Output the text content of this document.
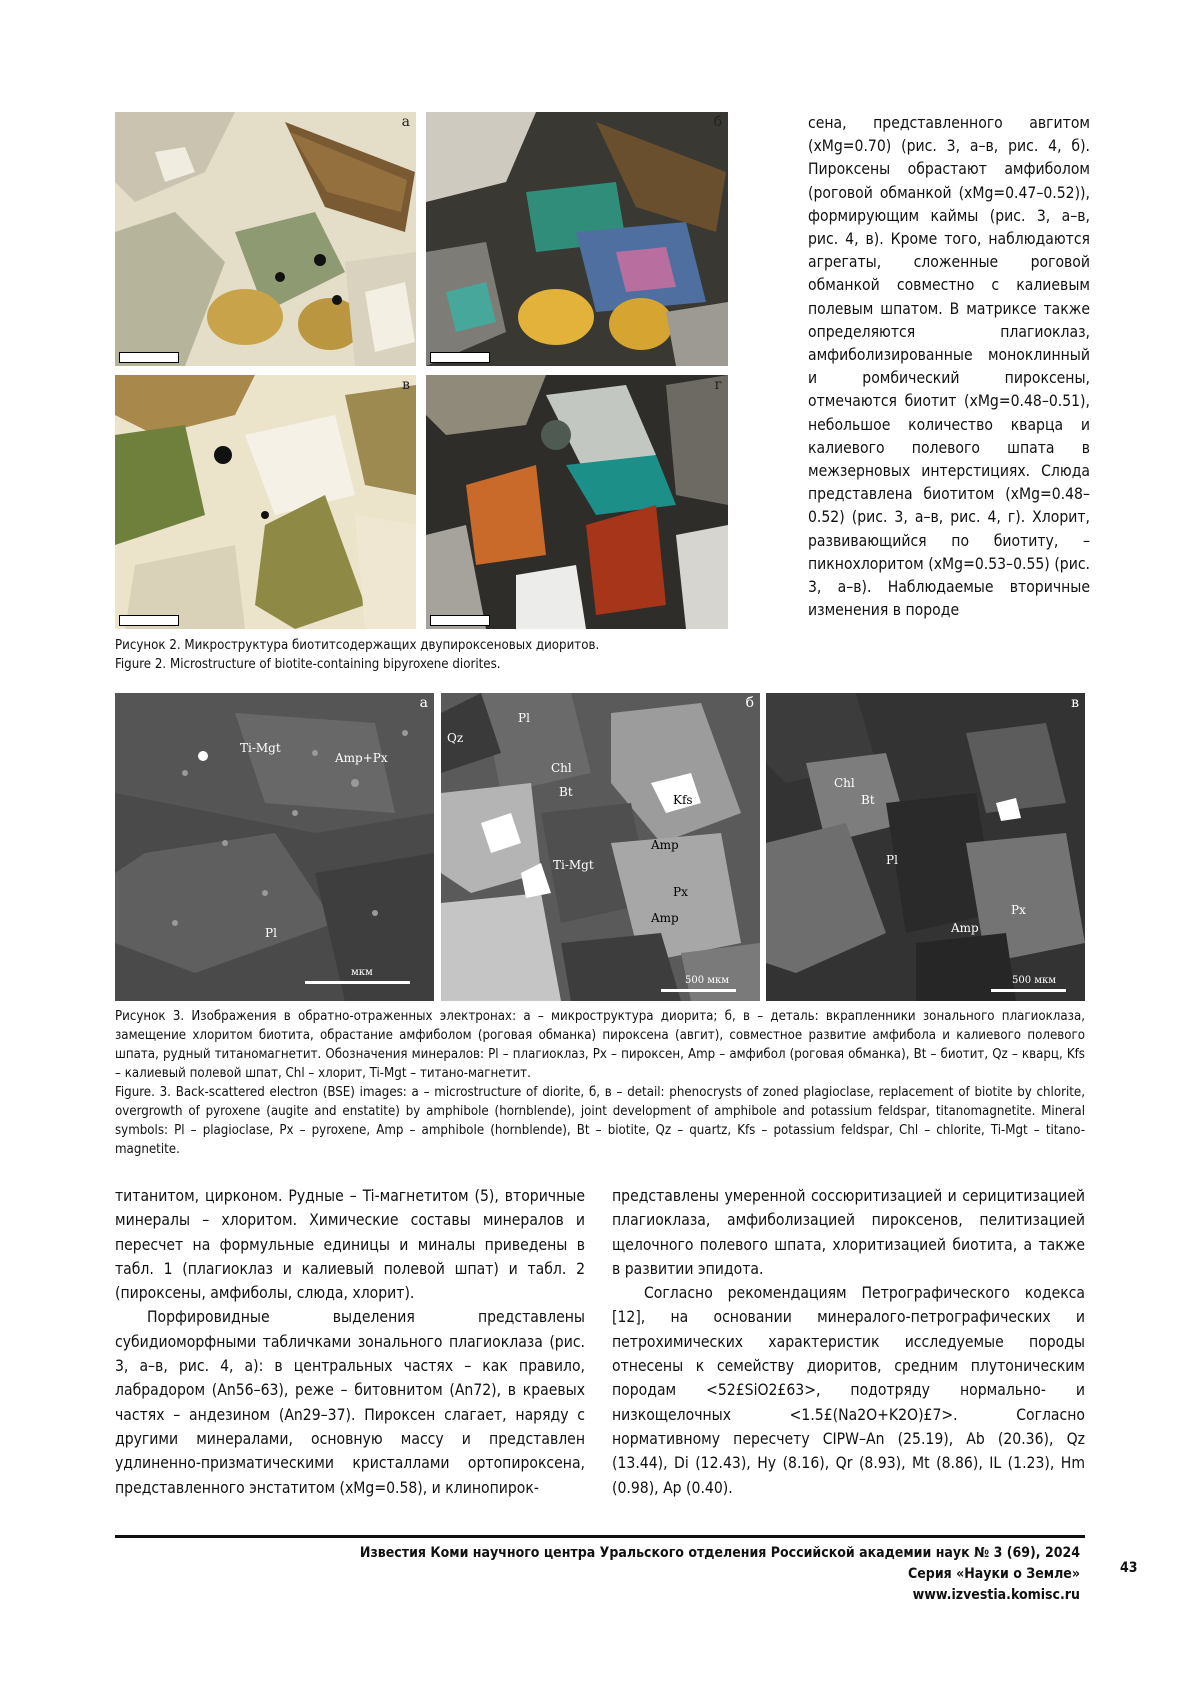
а	б
в	г

сена, представленного авгитом (xMg=0.70) (рис. 3, а–в, рис. 4, б). Пироксены обрастают амфиболом (роговой обманкой (xMg=0.47–0.52)), формирующим каймы (рис. 3, а–в, рис. 4, в). Кроме того, наблюдаются агрегаты, сложенные роговой обманкой совместно с калиевым полевым шпатом. В матриксе также определяются плагиоклаз, амфиболизированные моноклинный и ромбический пироксены, отмечаются биотит (xMg=0.48–0.51), небольшое количество кварца и калиевого полевого шпата в межзерновых интерстициях. Слюда представлена биотитом (xMg=0.48–0.52) (рис. 3, а–в, рис. 4, г). Хлорит, развивающийся по биотиту, – пикнохлоритом (xMg=0.53–0.55) (рис. 3, а–в). Наблюдаемые вторичные изменения в породе

Рисунок 2. Микроструктура биотитсодержащих двупироксеновых диоритов.

Figure 2. Microstructure of biotite-containing bipyroxene diorites.

а
Ti-Mgt
Amp+Px
Pl
мкм
б
Qz
Pl
Chl
Bt
Kfs
Amp
Ti-Mgt
Px
Amp
500 мкм
в
Chl
Bt
Pl
Px
Amp
500 мкм

Рисунок 3. Изображения в обратно-отраженных электронах: а – микроструктура диорита; б, в – деталь: вкрапленники зонального плагиоклаза, замещение хлоритом биотита, обрастание амфиболом (роговая обманка) пироксена (авгит), совместное развитие амфибола и калиевого полевого шпата, рудный титаномагнетит. Обозначения минералов: Pl – плагиоклаз, Px – пироксен, Amp – амфибол (роговая обманка), Bt – биотит, Qz – кварц, Kfs – калиевый полевой шпат, Chl – хлорит, Ti-Mgt – титано-магнетит.

Figure. 3. Back-scattered electron (BSE) images: а – microstructure of diorite, б, в – detail: phenocrysts of zoned plagioclase, replacement of biotite by chlorite, overgrowth of pyroxene (augite and enstatite) by amphibole (hornblende), joint development of amphibole and potassium feldspar, titanomagnetite. Mineral symbols: Pl – plagioclase, Px – pyroxene, Amp – amphibole (hornblende), Bt – biotite, Qz – quartz, Kfs – potassium feldspar, Chl – chlorite, Ti-Mgt – titano-magnetite.

титанитом, цирконом. Рудные – Ti-магнетитом (5), вторичные минералы – хлоритом. Химические составы минералов и пересчет на формульные единицы и миналы приведены в табл. 1 (плагиоклаз и калиевый полевой шпат) и табл. 2 (пироксены, амфиболы, слюда, хлорит).

Порфировидные выделения представлены субидиоморфными табличками зонального плагиоклаза (рис. 3, а–в, рис. 4, а): в центральных частях – как правило, лабрадором (An56–63), реже – битовнитом (An72), в краевых частях – андезином (An29–37). Пироксен слагает, наряду с другими минералами, основную массу и представлен удлиненно-призматическими кристаллами ортопироксена, представленного энстатитом (xMg=0.58), и клинопирок-

представлены умеренной соссюритизацией и серицитизацией плагиоклаза, амфиболизацией пироксенов, пелитизацией щелочного полевого шпата, хлоритизацией биотита, а также в развитии эпидота.

Согласно рекомендациям Петрографического кодекса [12], на основании минералого-петрографических и петрохимических характеристик исследуемые породы отнесены к семейству диоритов, средним плутоническим породам <52£SiO2£63>, подотряду нормально- и низкощелочных <1.5£(Na2O+K2O)£7>. Согласно нормативному пересчету CIPW–An (25.19), Ab (20.36), Qz (13.44), Di (12.43), Hy (8.16), Qr (8.93), Mt (8.86), IL (1.23), Hm (0.98), Ap (0.40).

Известия Коми научного центра Уральского отделения Российской академии наук № 3 (69), 2024
Серия «Науки о Земле»
www.izvestia.komisc.ru
43
